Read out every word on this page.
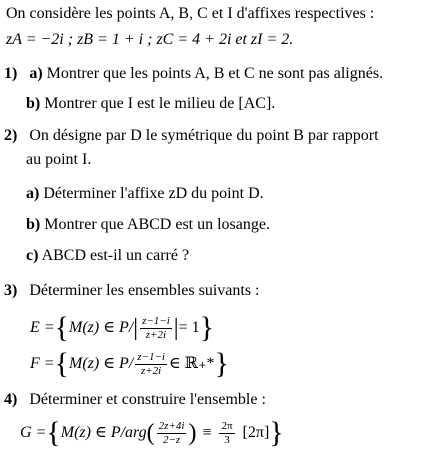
On considère les points A, B, C et I d'affixes respectives :
zA = −2i ; zB = 1 + i ; zC = 4 + 2i et zI = 2.
1) a) Montrer que les points A, B et C ne sont pas alignés.
b) Montrer que I est le milieu de [AC].
2) On désigne par D le symétrique du point B par rapport
au point I.
a) Déterminer l'affixe zD du point D.
b) Montrer que ABCD est un losange.
c) ABCD est-il un carré ?
3) Déterminer les ensembles suivants :
E = { M(z) ∈ P/ | $\frac{z-1-i}{z+2i}$ | = 1 }
F = { M(z) ∈ $P/ \frac{z-1-i}{z+2i}$ ∈ ℝ₊* }
4) Déterminer et construire l'ensemble :
G = { M(z) ∈ P/arg ( $\frac{2z+4i}{2-z}$ ) ≡ $\frac{2\pi}{3} [2\pi]$ }
